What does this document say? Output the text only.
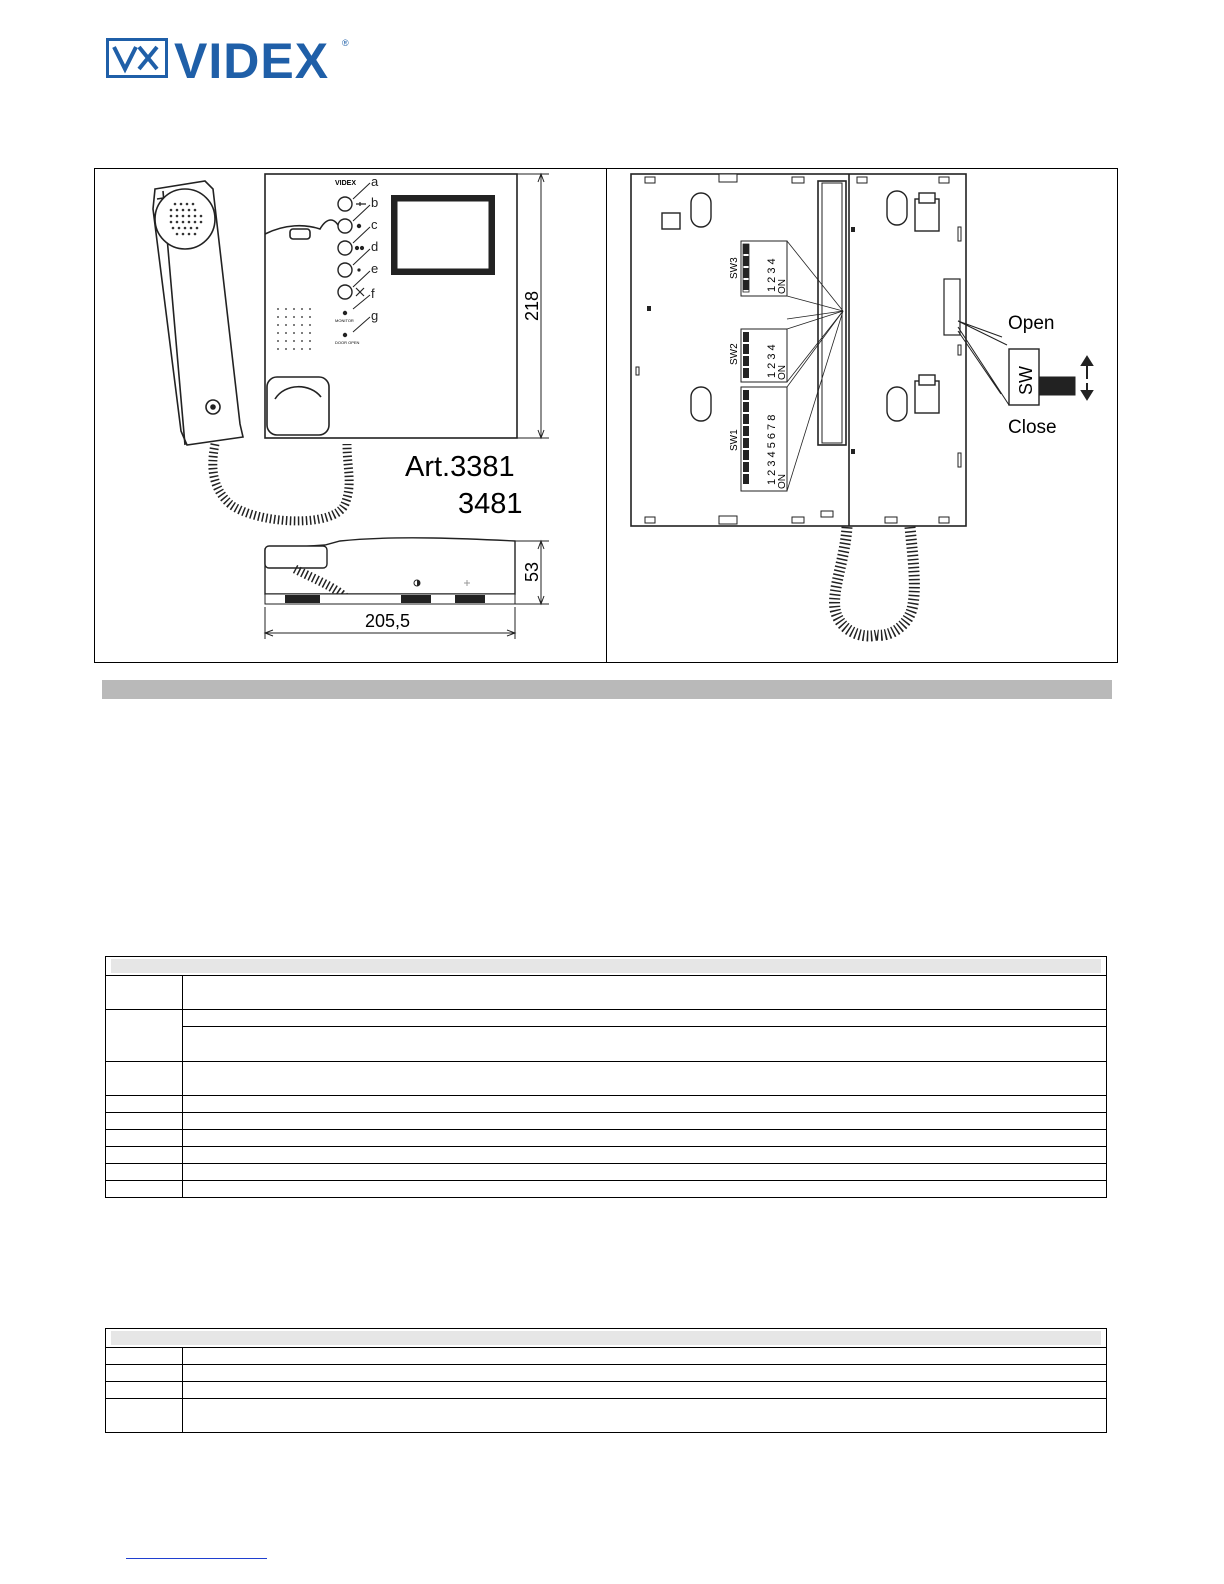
VIDEX ®
VIDEX
MONITOR
DOOR OPEN
a
b
c
d
e
f
g	218
Art.3381
3481
53
205,5
SW3
SW2
SW1
1 2 3 4
1 2 3 4
1 2 3 4 5 6 7 8
ON
ON
ON
SW
Open
Close
